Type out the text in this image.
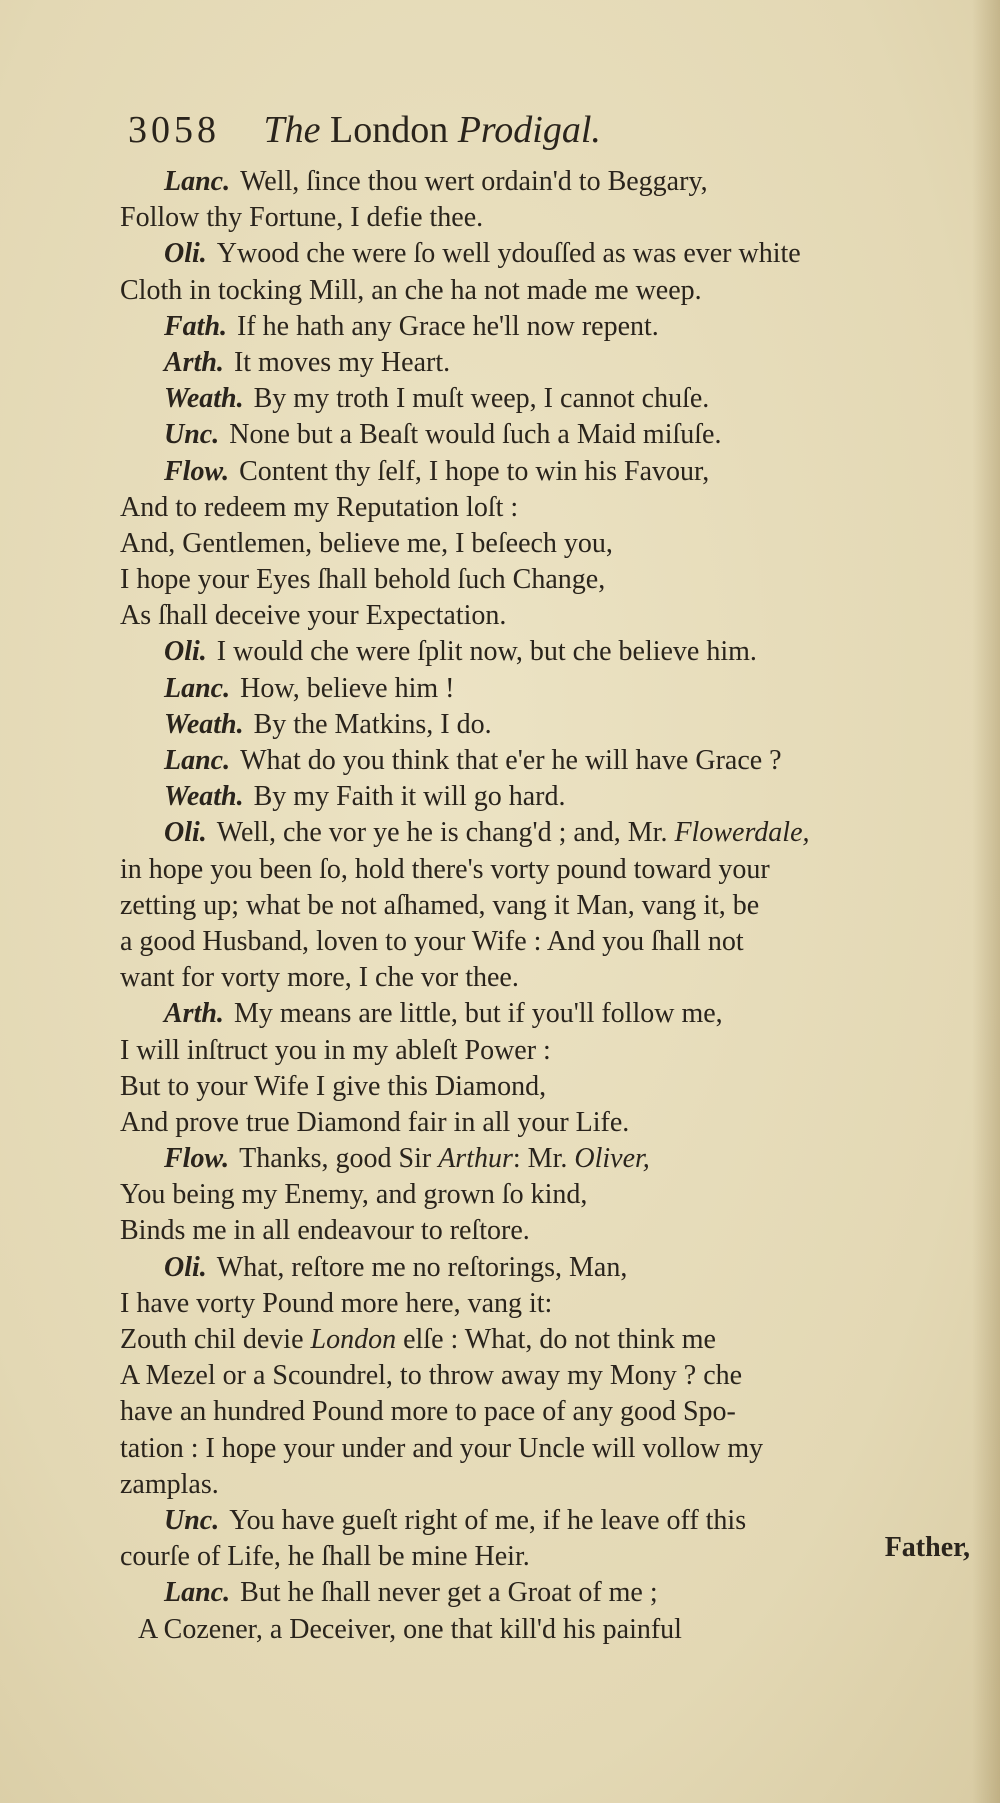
3058 The London Prodigal.
Lanc. Well, ſince thou wert ordain'd to Beggary,
Follow thy Fortune, I defie thee.
Oli. Ywood che were ſo well ydouſſed as was ever white
Cloth in tocking Mill, an che ha not made me weep.
Fath. If he hath any Grace he'll now repent.
Arth. It moves my Heart.
Weath. By my troth I muſt weep, I cannot chuſe.
Unc. None but a Beaſt would ſuch a Maid miſuſe.
Flow. Content thy ſelf, I hope to win his Favour,
And to redeem my Reputation loſt :
And, Gentlemen, believe me, I beſeech you,
I hope your Eyes ſhall behold ſuch Change,
As ſhall deceive your Expectation.
Oli. I would che were ſplit now, but che believe him.
Lanc. How, believe him !
Weath. By the Matkins, I do.
Lanc. What do you think that e'er he will have Grace ?
Weath. By my Faith it will go hard.
Oli. Well, che vor ye he is chang'd ; and, Mr. Flowerdale,
in hope you been ſo, hold there's vorty pound toward your
zetting up; what be not aſhamed, vang it Man, vang it, be
a good Husband, loven to your Wife : And you ſhall not
want for vorty more, I che vor thee.
Arth. My means are little, but if you'll follow me,
I will inſtruct you in my ableſt Power :
But to your Wife I give this Diamond,
And prove true Diamond fair in all your Life.
Flow. Thanks, good Sir Arthur: Mr. Oliver,
You being my Enemy, and grown ſo kind,
Binds me in all endeavour to reſtore.
Oli. What, reſtore me no reſtorings, Man,
I have vorty Pound more here, vang it:
Zouth chil devie London elſe : What, do not think me
A Mezel or a Scoundrel, to throw away my Mony ? che
have an hundred Pound more to pace of any good Spo-
tation : I hope your under and your Uncle will vollow my
zamplas.
Unc. You have gueſt right of me, if he leave off this
courſe of Life, he ſhall be mine Heir.
Lanc. But he ſhall never get a Groat of me ;
A Cozener, a Deceiver, one that kill'd his painful
Father,
